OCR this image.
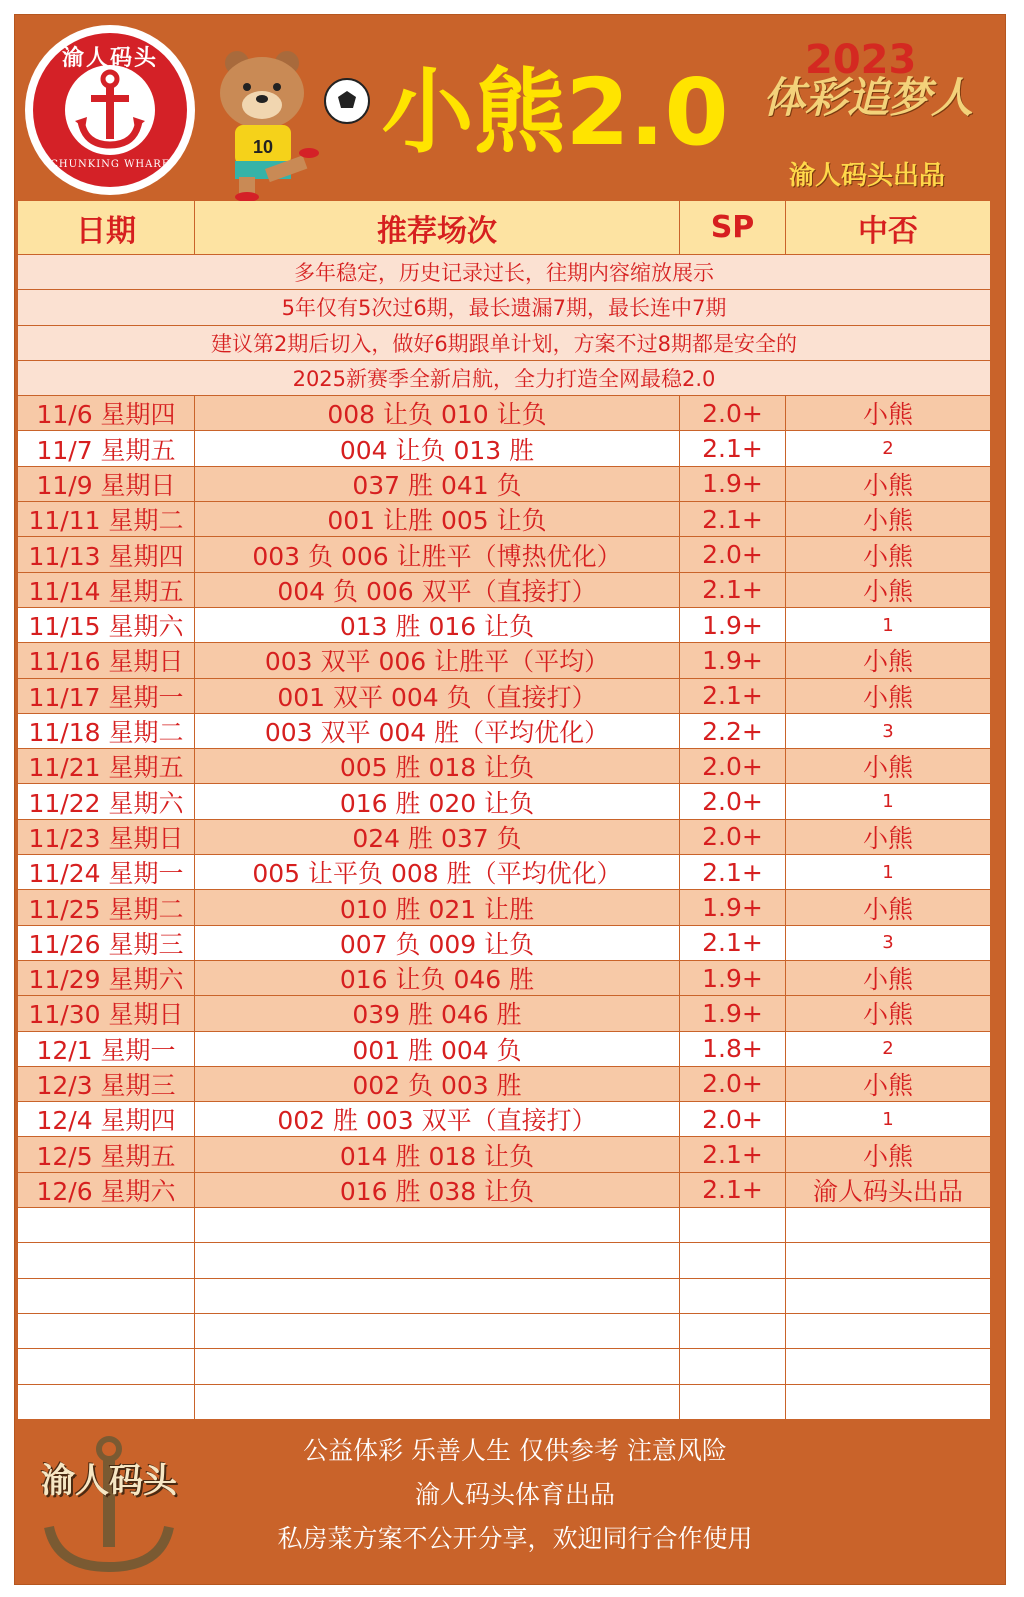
渝人码头
CHUNKING WHARF
10 小熊2.0 2023
体彩追梦人
渝人码头出品
日期	推荐场次	SP	中否
多年稳定，历史记录过长，往期内容缩放展示
5年仅有5次过6期，最长遗漏7期，最长连中7期
建议第2期后切入，做好6期跟单计划，方案不过8期都是安全的
2025新赛季全新启航，全力打造全网最稳2.0
11/6 星期四	008 让负 010 让负	2.0+	小熊
11/7 星期五	004 让负 013 胜	2.1+	2
11/9 星期日	037 胜 041 负	1.9+	小熊
11/11 星期二	001 让胜 005 让负	2.1+	小熊
11/13 星期四	003 负 006 让胜平（博热优化）	2.0+	小熊
11/14 星期五	004 负 006 双平（直接打）	2.1+	小熊
11/15 星期六	013 胜 016 让负	1.9+	1
11/16 星期日	003 双平 006 让胜平（平均）	1.9+	小熊
11/17 星期一	001 双平 004 负（直接打）	2.1+	小熊
11/18 星期二	003 双平 004 胜（平均优化）	2.2+	3
11/21 星期五	005 胜 018 让负	2.0+	小熊
11/22 星期六	016 胜 020 让负	2.0+	1
11/23 星期日	024 胜 037 负	2.0+	小熊
11/24 星期一	005 让平负 008 胜（平均优化）	2.1+	1
11/25 星期二	010 胜 021 让胜	1.9+	小熊
11/26 星期三	007 负 009 让负	2.1+	3
11/29 星期六	016 让负 046 胜	1.9+	小熊
11/30 星期日	039 胜 046 胜	1.9+	小熊
12/1 星期一	001 胜 004 负	1.8+	2
12/3 星期三	002 负 003 胜	2.0+	小熊
12/4 星期四	002 胜 003 双平（直接打）	2.0+	1
12/5 星期五	014 胜 018 让负	2.1+	小熊
12/6 星期六	016 胜 038 让负	2.1+	渝人码头出品
渝人码头
公益体彩 乐善人生 仅供参考 注意风险
渝人码头体育出品
私房菜方案不公开分享，欢迎同行合作使用
